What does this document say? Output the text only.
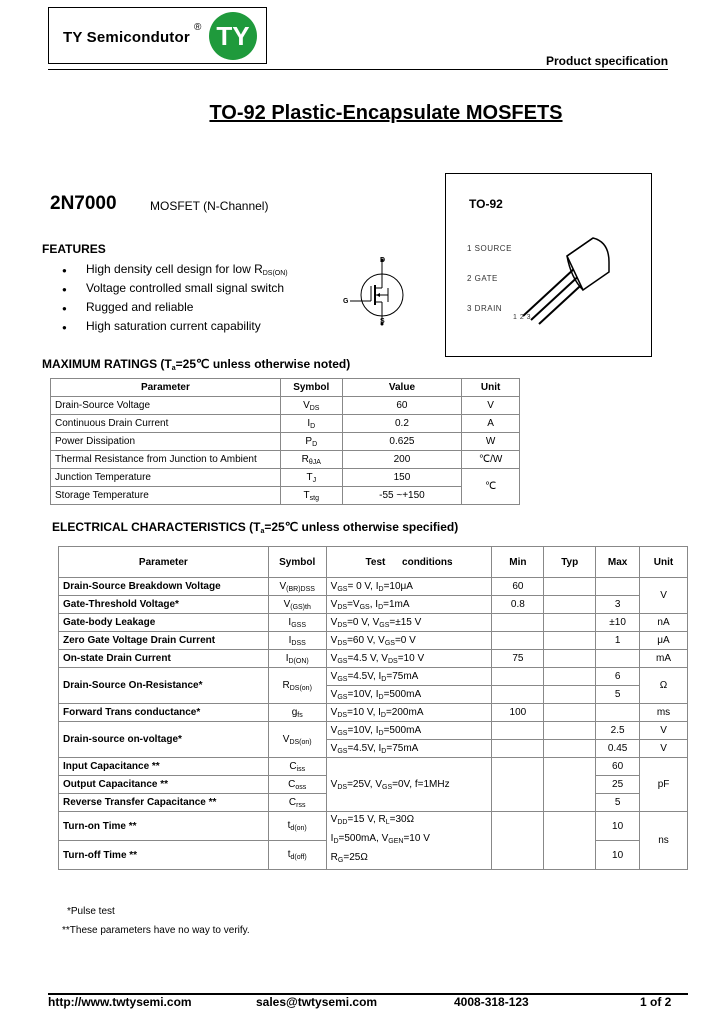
TY Semicondutor
® TY
Product specification
TO-92 Plastic-Encapsulate MOSFETS
2N7000	MOSFET (N-Channel)	TO-92
1 SOURCE
2 GATE
3 DRAIN
1 2 3
D
G
S
FEATURES
● High density cell design for low $R_{DS(ON)}$
● Voltage controlled small signal switch
● Rugged and reliable
● High saturation current capability
MAXIMUM RATINGS ($T_a=25℃$ unless otherwise noted)
Parameter	Symbol	Value	Unit
Drain-Source Voltage	$V_{DS}$	60	V
Continuous Drain Current	$I_D$	0.2	A
Power Dissipation	$P_D$	0.625	W
Thermal Resistance from Junction to Ambient	$R_{\theta JA}$	200	℃/W
Junction Temperature	$T_J$	150	℃
Storage Temperature	$T_{stg}$	-55 ~+150	
ELECTRICAL CHARACTERISTICS ($T_a=25℃$ unless otherwise specified)
Parameter	Symbol	Test      conditions	Min	Typ	Max	Unit
Drain-Source Breakdown Voltage	$V_{(BR)DSS}$	$V_{GS}= 0$ V, $I_D=10\mu A$	60			V
Gate-Threshold Voltage*	$V_{(GS)th}$	$V_{DS}=V_{GS}$, $I_D=1mA$	0.8		3	
Gate-body Leakage	$I_{GSS}$	$V_{DS}=0$ V, $V_{GS}=\pm 15$ V			±10	nA
Zero Gate Voltage Drain Current	$I_{DSS}$	$V_{DS}=60$ V, $V_{GS}=0$ V			1	μA
On-state Drain Current	$I_{D(ON)}$	$V_{GS}=4.5$ V, $V_{DS}=10$ V	75			mA
Drain-Source On-Resistance*	$R_{DS(on)}$	$V_{GS}=4.5V$, $I_D=75mA$			6	Ω
		$V_{GS}=10V$, $I_D=500mA$			5	
Forward Trans conductance*	$g_{fs}$	$V_{DS}=10$ V, $I_D=200mA$	100			ms
Drain-source on-voltage*	$V_{DS(on)}$	$V_{GS}=10V$, $I_D=500mA$			2.5	V
		$V_{GS}=4.5V$, $I_D=75mA$			0.45	V
Input Capacitance **	$C_{iss}$	$V_{DS}=25V$, $V_{GS}=0V$, f=1MHz			60	pF
Output Capacitance **	$C_{oss}$				25	
Reverse Transfer Capacitance **	$C_{rss}$				5	
Turn-on Time **	$t_{d(on)}$	$V_{DD}=15$ V, $R_L=30\Omega$
$I_D=500mA$, $V_{GEN}=10$ V
$R_G=25\Omega$			10	ns
Turn-off Time **	$t_{d(off)}$				10	
*Pulse test
**These parameters have no way to verify.
http://www.twtysemi.com	sales@twtysemi.com	4008-318-123	1 of 2
